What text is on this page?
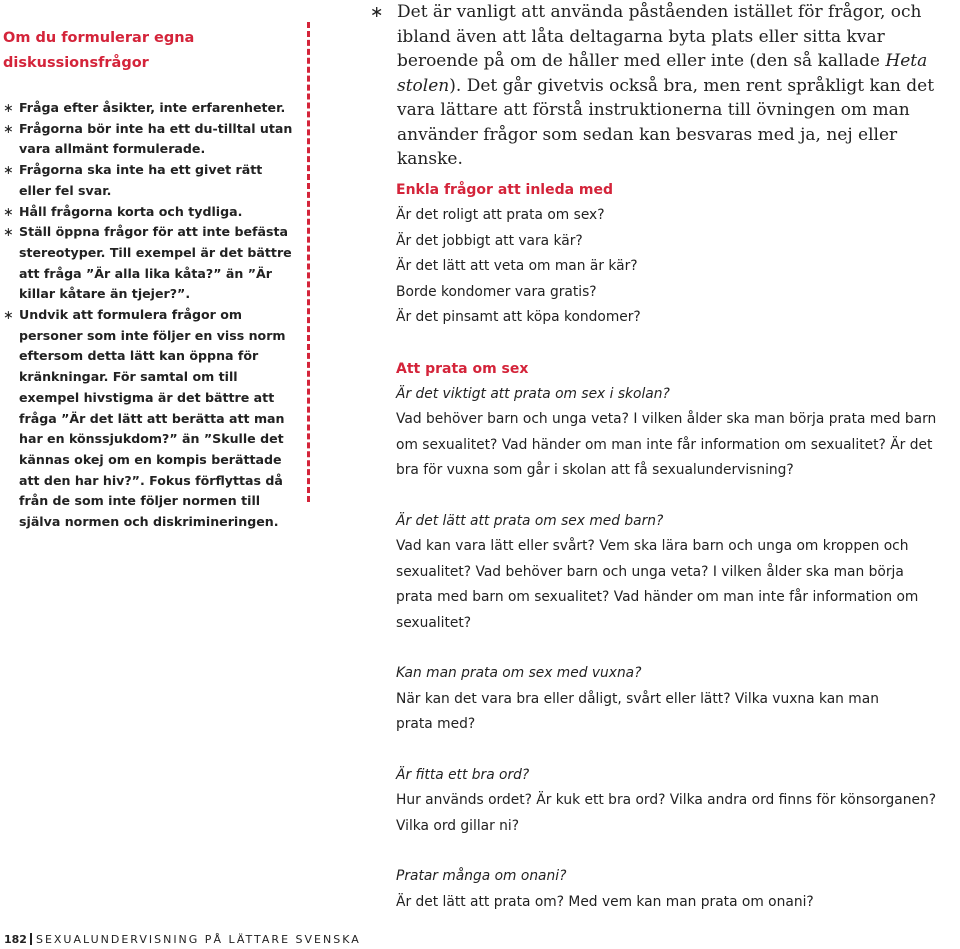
Om du formulerar egna diskussionsfrågor
∗ Fråga efter åsikter, inte erfarenheter.
∗ Frågorna bör inte ha ett du-tilltal utan vara allmänt formulerade.
∗ Frågorna ska inte ha ett givet rätt eller fel svar.
∗ Håll frågorna korta och tydliga.
∗ Ställ öppna frågor för att inte befästa stereotyper. Till exempel är det bättre att fråga ”Är alla lika kåta?” än ”Är killar kåtare än tjejer?”.
∗ Undvik att formulera frågor om personer som inte följer en viss norm eftersom detta lätt kan öppna för kränkningar. För samtal om till exempel hivstigma är det bättre att fråga ”Är det lätt att berätta att man har en könssjukdom?” än ”Skulle det kännas okej om en kompis berättade att den har hiv?”. Fokus förflyttas då från de som inte följer normen till själva normen och diskrimineringen.
∗ Det är vanligt att använda påståenden istället för frågor, och ibland även att låta deltagarna byta plats eller sitta kvar beroende på om de håller med eller inte (den så kallade Heta stolen). Det går givetvis också bra, men rent språkligt kan det vara lättare att förstå instruktionerna till övningen om man använder frågor som sedan kan besvaras med ja, nej eller kanske.
Enkla frågor att inleda med

Är det roligt att prata om sex?

Är det jobbigt att vara kär?

Är det lätt att veta om man är kär?

Borde kondomer vara gratis?

Är det pinsamt att köpa kondomer?

Att prata om sex

Är det viktigt att prata om sex i skolan?

Vad behöver barn och unga veta? I vilken ålder ska man börja prata med barn

om sexualitet? Vad händer om man inte får information om sexualitet? Är det

bra för vuxna som går i skolan att få sexualundervisning?

Är det lätt att prata om sex med barn?

Vad kan vara lätt eller svårt? Vem ska lära barn och unga om kroppen och

sexualitet? Vad behöver barn och unga veta? I vilken ålder ska man börja

prata med barn om sexualitet? Vad händer om man inte får information om

sexualitet?

Kan man prata om sex med vuxna?

När kan det vara bra eller dåligt, svårt eller lätt? Vilka vuxna kan man

prata med?

Är fitta ett bra ord?

Hur används ordet? Är kuk ett bra ord? Vilka andra ord finns för könsorganen?

Vilka ord gillar ni?

Pratar många om onani?

Är det lätt att prata om? Med vem kan man prata om onani?

182 SEXUALUNDERVISNING PÅ LÄTTARE SVENSKA
